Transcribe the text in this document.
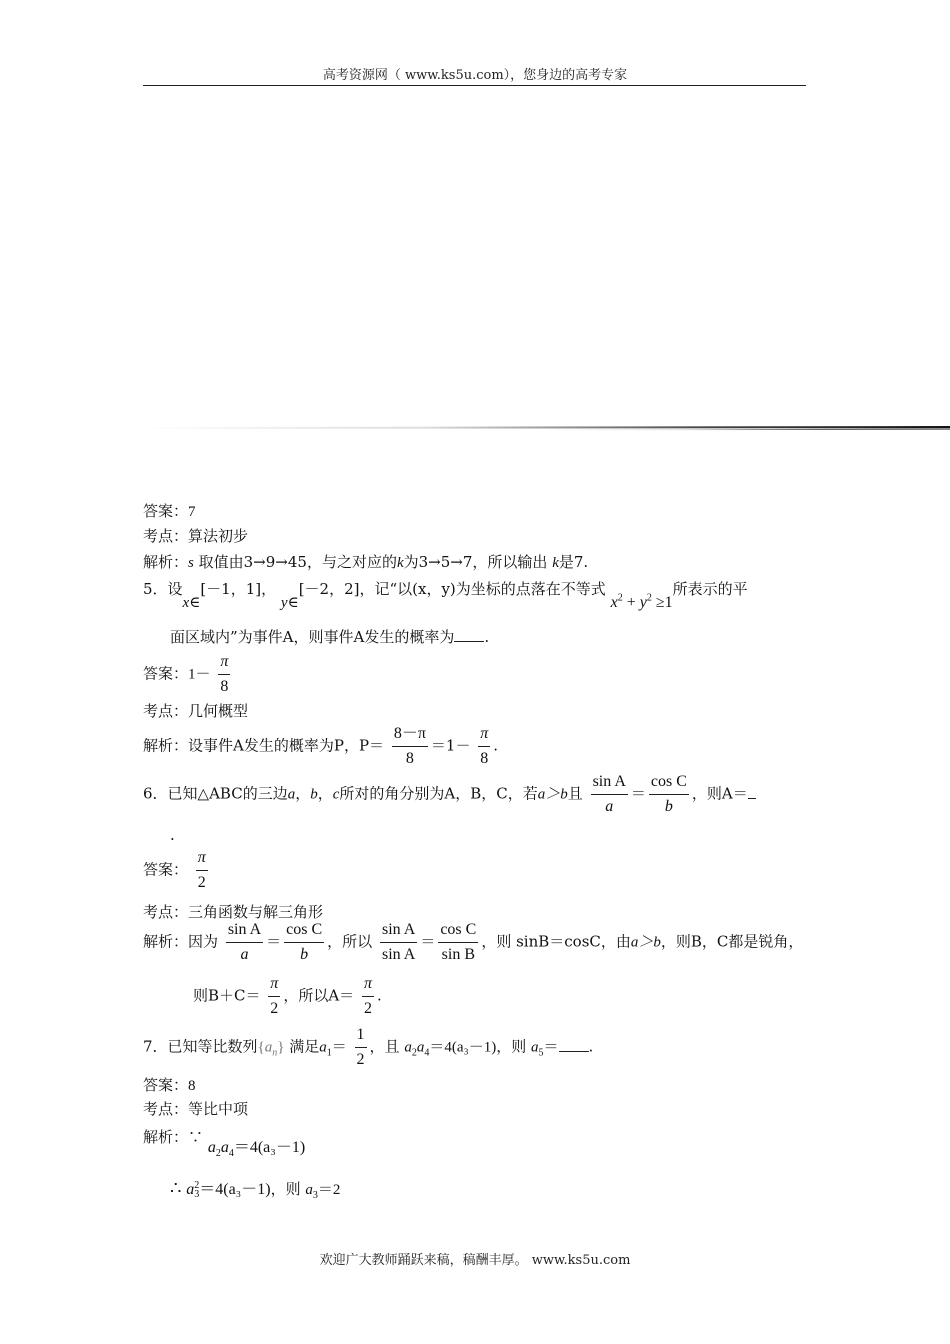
高考资源网（ www.ks5u.com），您身边的高考专家
答案：7
考点：算法初步
解析：s 取值由3→9→45，与之对应的k为3→5→7，所以输出 k是7.
5．设x∈[－1，1]， y∈[－2，2]，记“以(x，y)为坐标的点落在不等式 $x^2 + y^2 \ge 1$所表示的平
面区域内”为事件A，则事件A发生的概率为 .
答案：$1- \frac{\pi}{8}$
考点：几何概型
解析：设事件A发生的概率为P，$P= \frac{8-\pi}{8} =1- \frac{\pi}{8}$ .
6．已知△ABC的三边a，b，c所对的角分别为A，B，C，若a＞b且 $\frac{\text{sin A}}{a} = \frac{\text{cos C}}{b}$ ，则A＝
.
答案： $\frac{\pi}{2}$
考点：三角函数与解三角形
解析：因为 $\frac{\text{sin A}}{a} = \frac{\text{cos C}}{b}$ ，所以 $\frac{\text{sin A}}{\text{sin A}} = \frac{\text{cos C}}{\text{sin B}}$ ，则 sinB＝cosC，由a＞b，则B，C都是锐角，
则$B+C= \frac{\pi}{2}$ ，所以$A= \frac{\pi}{2}$ .
7．已知等比数列$\{a_n\}$ 满足$a_1= \frac{1}{2}$ ，且 $a_2a_4=4(a_3-1)$，则 $a_5=$ .
答案：8
考点：等比中项
解析：∵ $a_2a_4=4(a_3-1)$
∴ a2
3＝4(a₃－1)，则 $a_3=2$
欢迎广大教师踊跃来稿，稿酬丰厚。 www.ks5u.com
